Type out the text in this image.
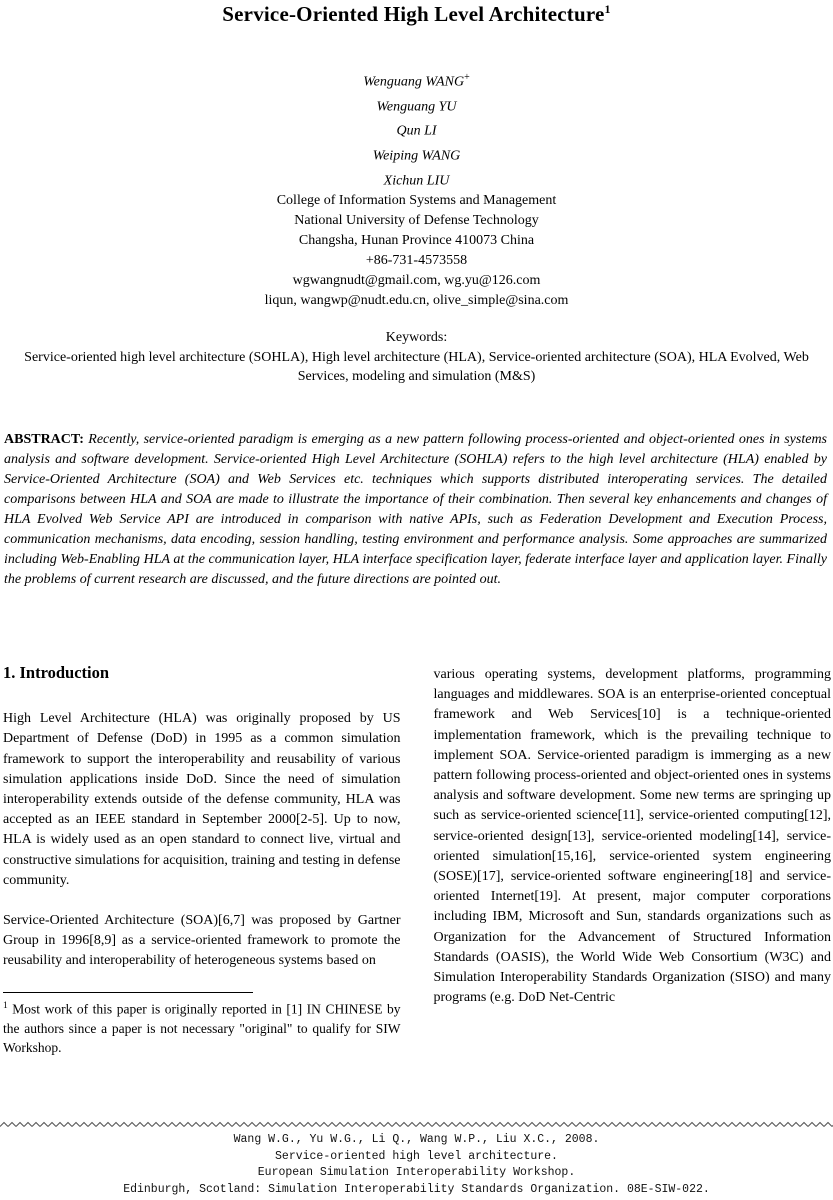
Service-Oriented High Level Architecture$^1$
Wenguang WANG+
Wenguang YU
Qun LI
Weiping WANG
Xichun LIU
College of Information Systems and Management
National University of Defense Technology
Changsha, Hunan Province 410073 China
+86-731-4573558
wgwangnudt@gmail.com, wg.yu@126.com
liqun, wangwp@nudt.edu.cn, olive_simple@sina.com
Keywords:
Service-oriented high level architecture (SOHLA), High level architecture (HLA), Service-oriented architecture (SOA), HLA Evolved, Web Services, modeling and simulation (M&S)

ABSTRACT: Recently, service-oriented paradigm is emerging as a new pattern following process-oriented and object-oriented ones in systems analysis and software development. Service-oriented High Level Architecture (SOHLA) refers to the high level architecture (HLA) enabled by Service-Oriented Architecture (SOA) and Web Services etc. techniques which supports distributed interoperating services. The detailed comparisons between HLA and SOA are made to illustrate the importance of their combination. Then several key enhancements and changes of HLA Evolved Web Service API are introduced in comparison with native APIs, such as Federation Development and Execution Process, communication mechanisms, data encoding, session handling, testing environment and performance analysis. Some approaches are summarized including Web-Enabling HLA at the communication layer, HLA interface specification layer, federate interface layer and application layer. Finally the problems of current research are discussed, and the future directions are pointed out.

1. Introduction

High Level Architecture (HLA) was originally proposed by US Department of Defense (DoD) in 1995 as a common simulation framework to support the interoperability and reusability of various simulation applications inside DoD. Since the need of simulation interoperability extends outside of the defense community, HLA was accepted as an IEEE standard in September 2000[2-5]. Up to now, HLA is widely used as an open standard to connect live, virtual and constructive simulations for acquisition, training and testing in defense community.

Service-Oriented Architecture (SOA)[6,7] was proposed by Gartner Group in 1996[8,9] as a service-oriented framework to promote the reusability and interoperability of heterogeneous systems based on

$^1$ Most work of this paper is originally reported in [1] IN CHINESE by the authors since a paper is not necessary "original" to qualify for SIW Workshop.

various operating systems, development platforms, programming languages and middlewares. SOA is an enterprise-oriented conceptual framework and Web Services[10] is a technique-oriented implementation framework, which is the prevailing technique to implement SOA. Service-oriented paradigm is immerging as a new pattern following process-oriented and object-oriented ones in systems analysis and software development. Some new terms are springing up such as service-oriented science[11], service-oriented computing[12], service-oriented design[13], service-oriented modeling[14], service-oriented simulation[15,16], service-oriented system engineering (SOSE)[17], service-oriented software engineering[18] and service-oriented Internet[19]. At present, major computer corporations including IBM, Microsoft and Sun, standards organizations such as Organization for the Advancement of Structured Information Standards (OASIS), the World Wide Web Consortium (W3C) and Simulation Interoperability Standards Organization (SISO) and many programs (e.g. DoD Net-Centric

Wang W.G., Yu W.G., Li Q., Wang W.P., Liu X.C., 2008.
Service-oriented high level architecture.
European Simulation Interoperability Workshop.
Edinburgh, Scotland: Simulation Interoperability Standards Organization. 08E-SIW-022.
